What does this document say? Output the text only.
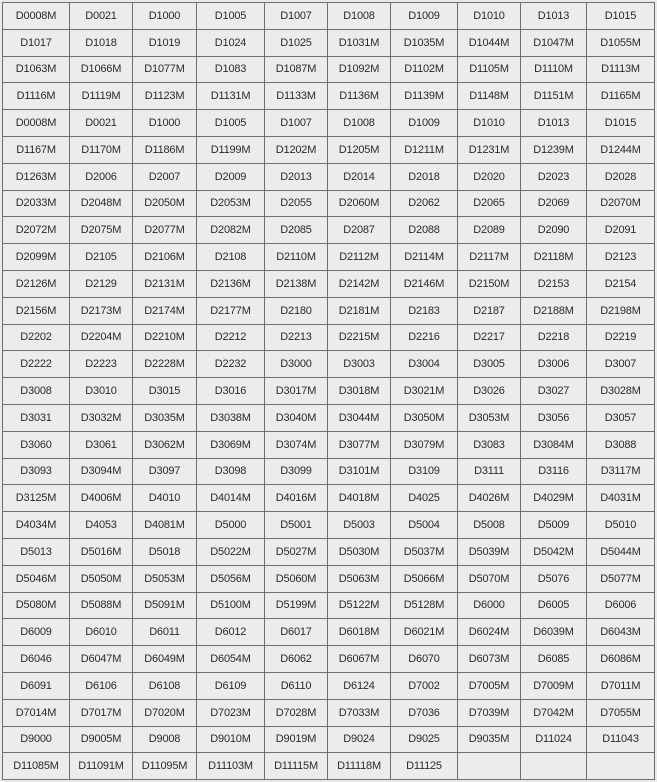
D0008M	D0021	D1000	D1005	D1007	D1008	D1009	D1010	D1013	D1015
D1017	D1018	D1019	D1024	D1025	D1031M	D1035M	D1044M	D1047M	D1055M
D1063M	D1066M	D1077M	D1083	D1087M	D1092M	D1102M	D1105M	D1110M	D1113M
D1116M	D1119M	D1123M	D1131M	D1133M	D1136M	D1139M	D1148M	D1151M	D1165M
D0008M	D0021	D1000	D1005	D1007	D1008	D1009	D1010	D1013	D1015
D1167M	D1170M	D1186M	D1199M	D1202M	D1205M	D1211M	D1231M	D1239M	D1244M
D1263M	D2006	D2007	D2009	D2013	D2014	D2018	D2020	D2023	D2028
D2033M	D2048M	D2050M	D2053M	D2055	D2060M	D2062	D2065	D2069	D2070M
D2072M	D2075M	D2077M	D2082M	D2085	D2087	D2088	D2089	D2090	D2091
D2099M	D2105	D2106M	D2108	D2110M	D2112M	D2114M	D2117M	D2118M	D2123
D2126M	D2129	D2131M	D2136M	D2138M	D2142M	D2146M	D2150M	D2153	D2154
D2156M	D2173M	D2174M	D2177M	D2180	D2181M	D2183	D2187	D2188M	D2198M
D2202	D2204M	D2210M	D2212	D2213	D2215M	D2216	D2217	D2218	D2219
D2222	D2223	D2228M	D2232	D3000	D3003	D3004	D3005	D3006	D3007
D3008	D3010	D3015	D3016	D3017M	D3018M	D3021M	D3026	D3027	D3028M
D3031	D3032M	D3035M	D3038M	D3040M	D3044M	D3050M	D3053M	D3056	D3057
D3060	D3061	D3062M	D3069M	D3074M	D3077M	D3079M	D3083	D3084M	D3088
D3093	D3094M	D3097	D3098	D3099	D3101M	D3109	D3111	D3116	D3117M
D3125M	D4006M	D4010	D4014M	D4016M	D4018M	D4025	D4026M	D4029M	D4031M
D4034M	D4053	D4081M	D5000	D5001	D5003	D5004	D5008	D5009	D5010
D5013	D5016M	D5018	D5022M	D5027M	D5030M	D5037M	D5039M	D5042M	D5044M
D5046M	D5050M	D5053M	D5056M	D5060M	D5063M	D5066M	D5070M	D5076	D5077M
D5080M	D5088M	D5091M	D5100M	D5199M	D5122M	D5128M	D6000	D6005	D6006
D6009	D6010	D6011	D6012	D6017	D6018M	D6021M	D6024M	D6039M	D6043M
D6046	D6047M	D6049M	D6054M	D6062	D6067M	D6070	D6073M	D6085	D6086M
D6091	D6106	D6108	D6109	D6110	D6124	D7002	D7005M	D7009M	D7011M
D7014M	D7017M	D7020M	D7023M	D7028M	D7033M	D7036	D7039M	D7042M	D7055M
D9000	D9005M	D9008	D9010M	D9019M	D9024	D9025	D9035M	D11024	D11043
D11085M	D11091M	D11095M	D11103M	D11115M	D11118M	D11125			
